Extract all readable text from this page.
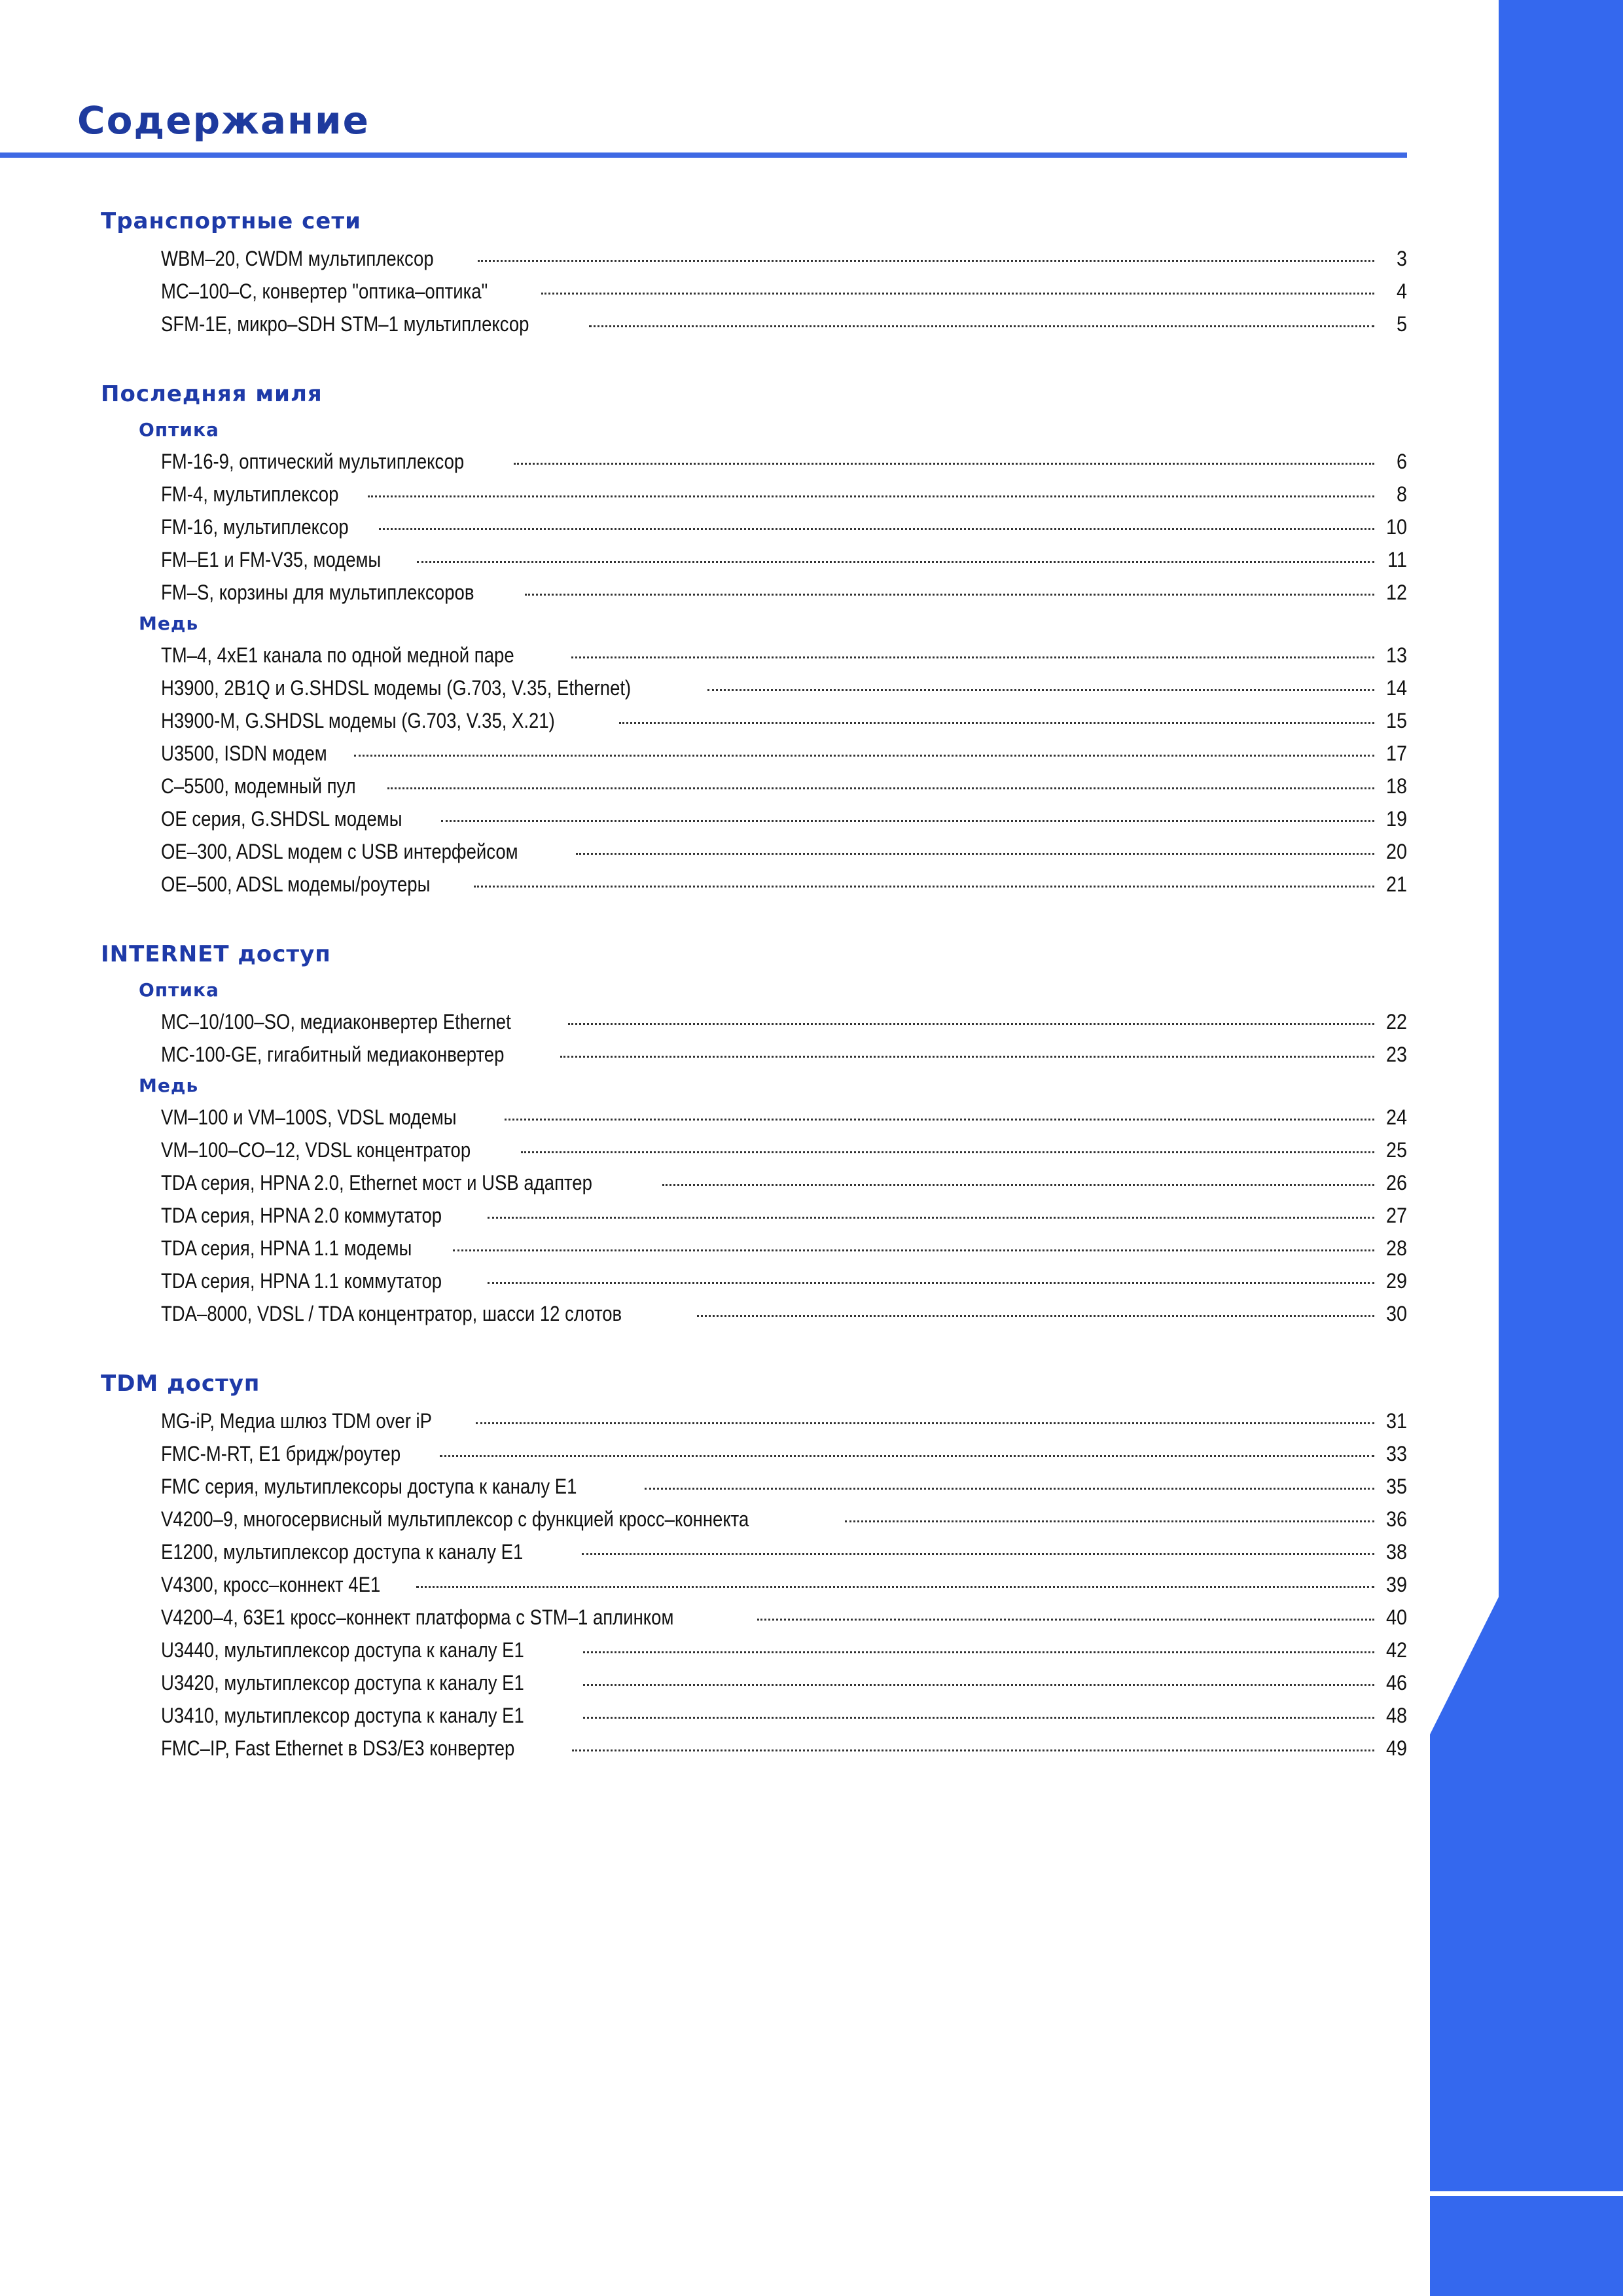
Содержание
Транспортные сети
WBM–20, CWDM мультиплексор	3
MC–100–C, конвертер "оптика–оптика"	4
SFM-1E, микро–SDH STM–1 мультиплексор	5
Последняя миля
Оптика
FM-16-9, оптический мультиплексор	6
FM-4, мультиплексор	8
FM-16, мультиплексор	10
FM–E1 и FM-V35, модемы	11
FM–S, корзины для мультиплексоров	12
Медь
TM–4, 4xE1 канала по одной медной паре	13
H3900, 2B1Q и G.SHDSL модемы (G.703, V.35, Ethernet)	14
H3900-M, G.SHDSL модемы (G.703, V.35, X.21)	15
U3500, ISDN модем	17
C–5500, модемный пул	18
OE серия, G.SHDSL модемы	19
OE–300, ADSL модем с USB интерфейсом	20
OE–500, ADSL модемы/роутеры	21
INTERNET доступ
Оптика
MC–10/100–SO, медиаконвертер Ethernet	22
MC-100-GE, гигабитный медиаконвертер	23
Медь
VM–100 и VM–100S, VDSL модемы	24
VM–100–CO–12, VDSL концентратор	25
TDA серия, HPNA 2.0, Ethernet мост и USB адаптер	26
TDA серия, HPNA 2.0 коммутатор	27
TDA серия, HPNA 1.1 модемы	28
TDA серия, HPNA 1.1 коммутатор	29
TDA–8000, VDSL / TDA концентратор, шасси 12 слотов	30
TDM доступ
MG-iP, Медиа шлюз TDM over iP	31
FMC-M-RT, E1 бридж/роутер	33
FMC серия, мультиплексоры доступа к каналу E1	35
V4200–9, многосервисный мультиплексор с функцией кросс–коннекта	36
E1200, мультиплексор доступа к каналу E1	38
V4300, кросс–коннект 4E1	39
V4200–4, 63E1 кросс–коннект платформа с STM–1 аплинком	40
U3440, мультиплексор доступа к каналу E1	42
U3420, мультиплексор доступа к каналу E1	46
U3410, мультиплексор доступа к каналу E1	48
FMC–IP, Fast Ethernet в DS3/E3 конвертер	49
